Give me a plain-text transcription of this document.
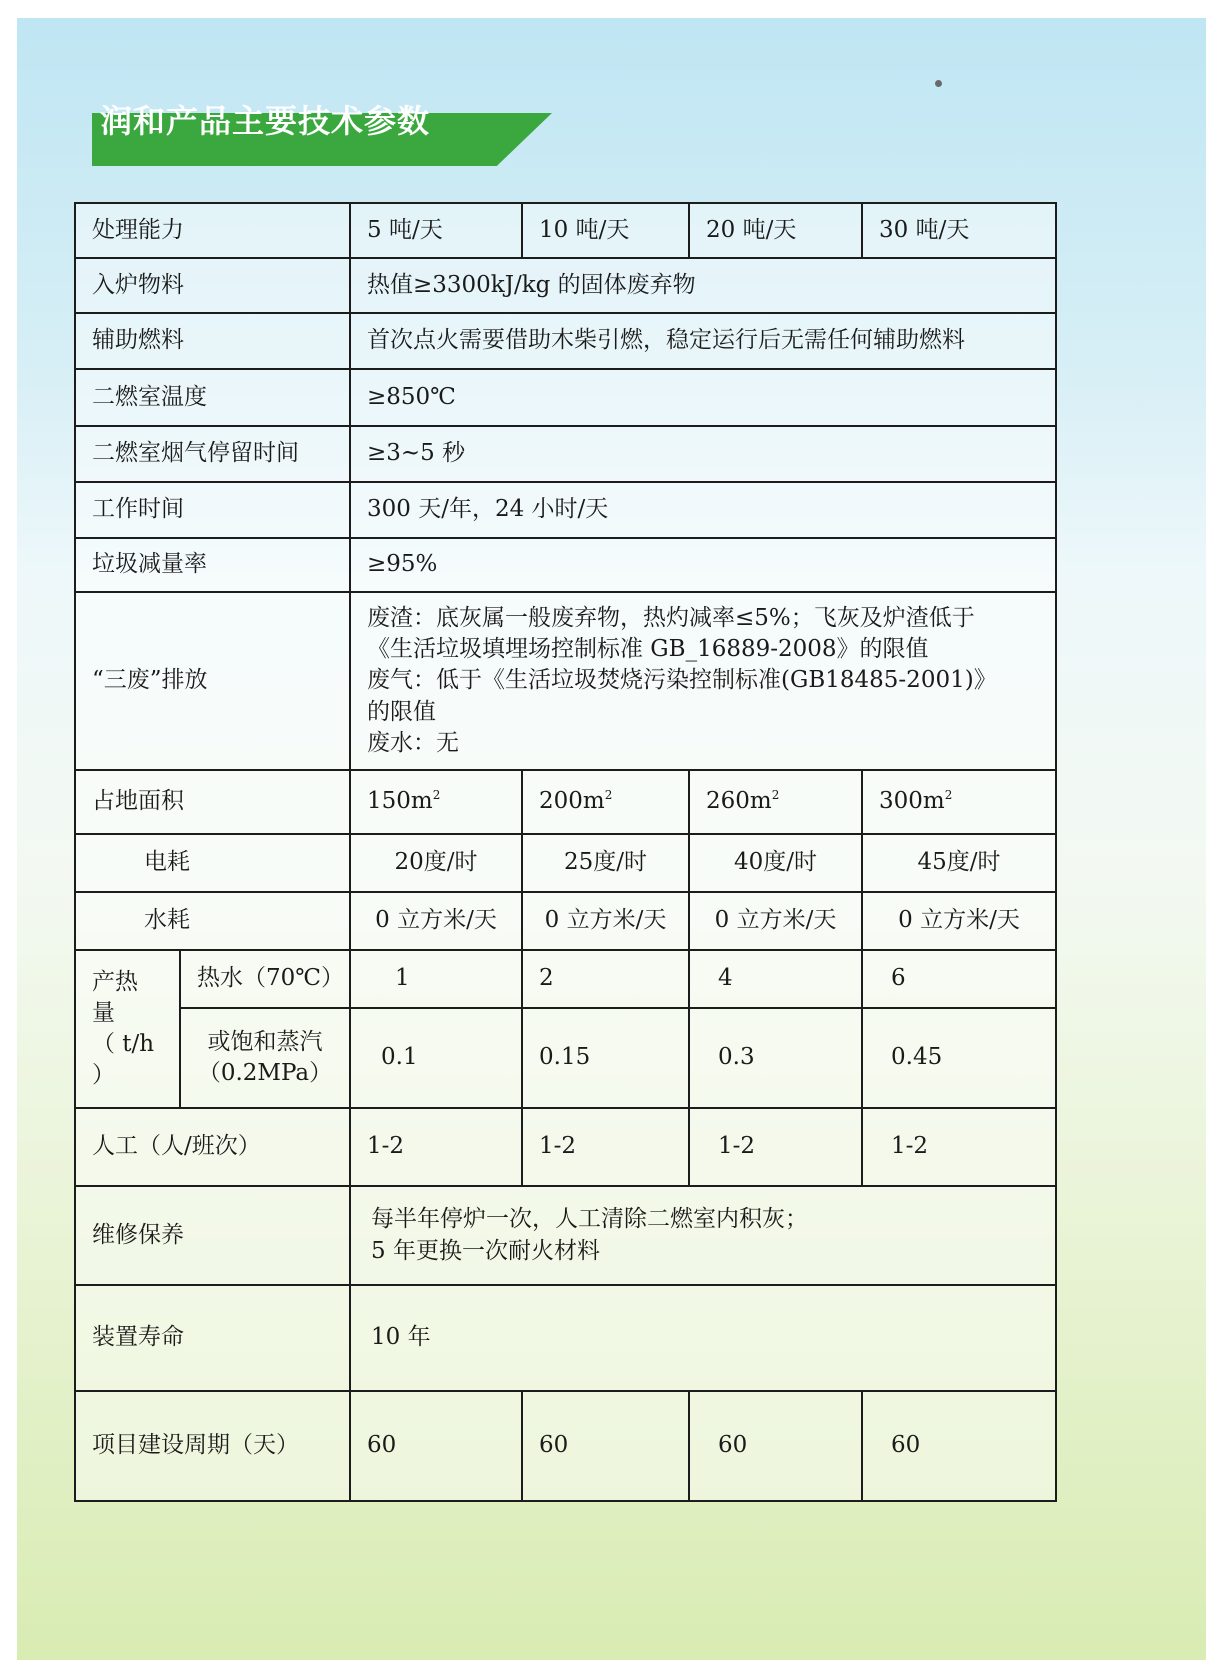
润和产品主要技术参数
处理能力		5 吨/天	10 吨/天	20 吨/天	30 吨/天
入炉物料		热值≥3300kJ/kg 的固体废弃物			
辅助燃料		首次点火需要借助木柴引燃，稳定运行后无需任何辅助燃料			
二燃室温度		≥850℃			
二燃室烟气停留时间		≥3~5 秒			
工作时间		300 天/年，24 小时/天			
垃圾减量率		≥95%			
“三废”排放		废渣：底灰属一般废弃物，热灼减率≤5%；飞灰及炉渣低于
《生活垃圾填埋场控制标准 GB_16889-2008》的限值
废气：低于《生活垃圾焚烧污染控制标准(GB18485-2001)》
的限值
废水：无			

占地面积		$150m^2$	$200m^2$	$260m^2$	$300m^2$
电耗		20度/时	25度/时	40度/时	45度/时
水耗		0 立方米/天	0 立方米/天	0 立方米/天	0 立方米/天

产热
量
（ t/h
）	热水（70℃）	1	2	4	6

	或饱和蒸汽
（0.2MPa）	0.1	0.15	0.3	0.45
人工（人/班次）		1-2	1-2	1-2	1-2
维修保养		每半年停炉一次，人工清除二燃室内积灰；
5 年更换一次耐火材料			

装置寿命		10 年			
项目建设周期（天）		60	60	60	60
